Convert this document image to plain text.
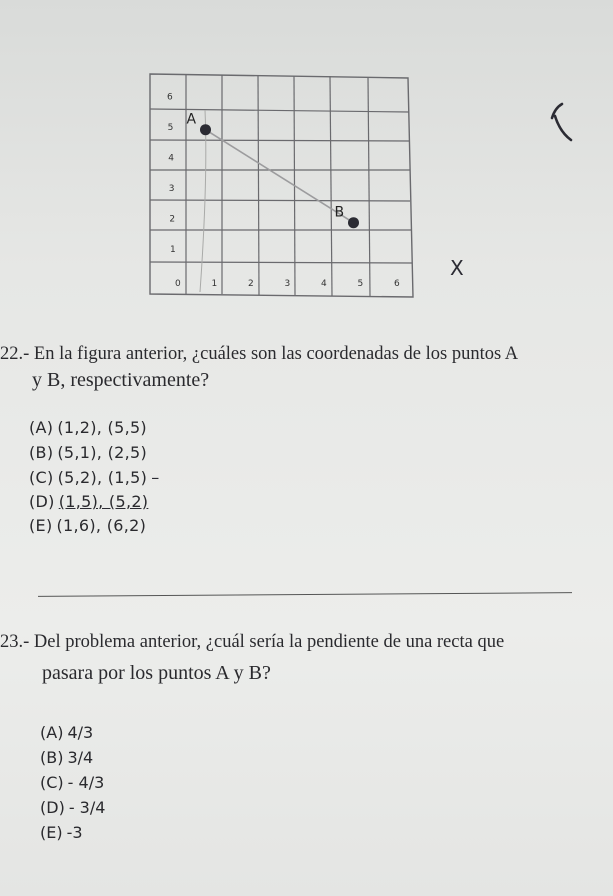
0	1	2	3	4	5	6
1
2
3
4
5
6
A
B
X
22.- En la figura anterior, ¿cuáles son las coordenadas de los puntos A
y B, respectivamente?
(A) (1,2), (5,5)
(B) (5,1), (2,5)
(C) (5,2), (1,5) –
(D) (1,5), (5,2)
(E) (1,6), (6,2)
23.- Del problema anterior, ¿cuál sería la pendiente de una recta que
pasara por los puntos A y B?
(A) 4/3
(B) 3/4
(C) - 4/3
(D) - 3/4
(E) -3
